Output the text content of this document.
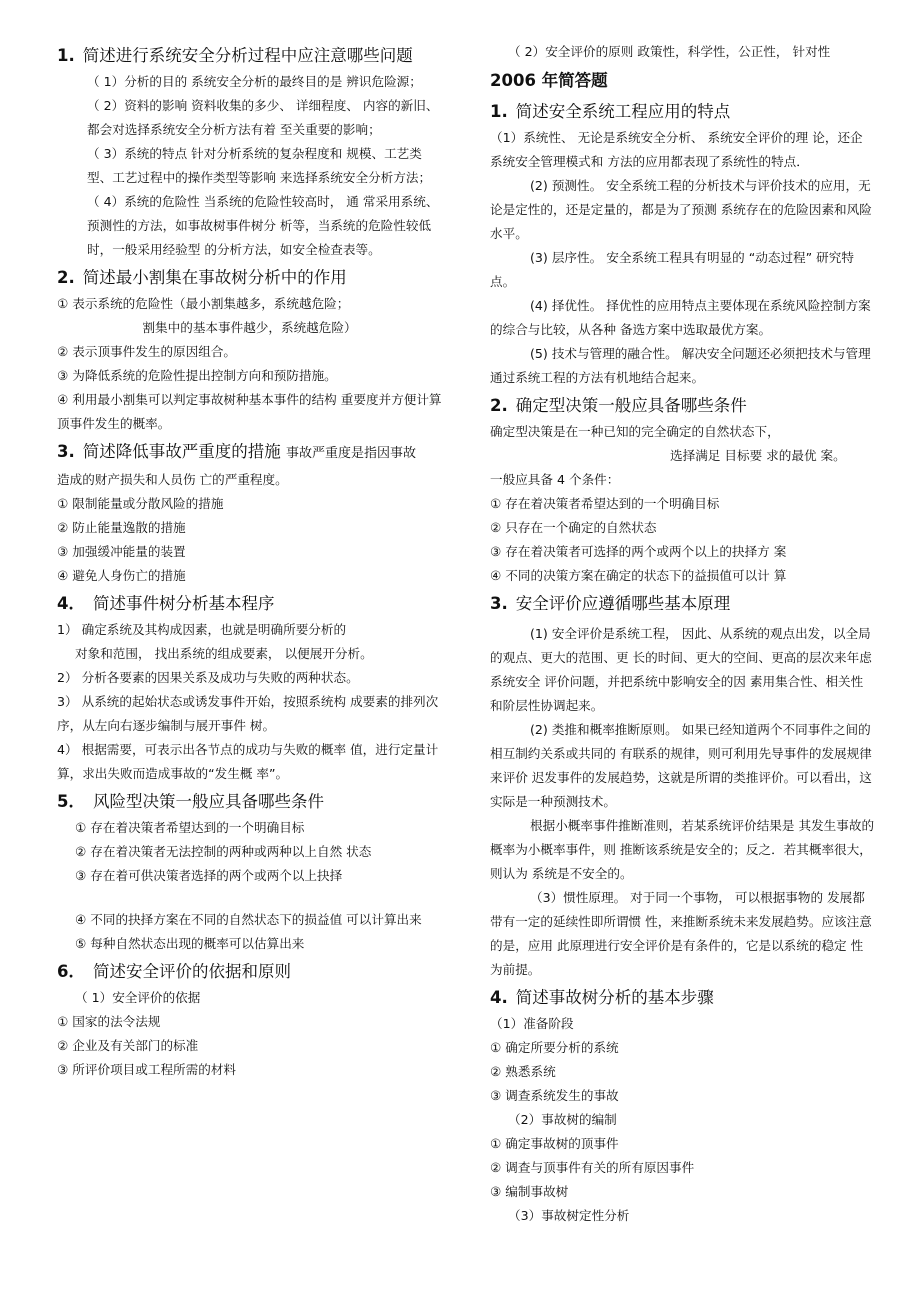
1. 简述进行系统安全分析过程中应注意哪些问题

（ 1）分析的目的 系统安全分析的最终目的是 辨识危险源；

（ 2）资料的影响 资料收集的多少、 详细程度、 内容的新旧、都会对选择系统安全分析方法有着 至关重要的影响；

（ 3）系统的特点 针对分析系统的复杂程度和 规模、工艺类型、工艺过程中的操作类型等影响 来选择系统安全分析方法；

（ 4）系统的危险性 当系统的危险性较高时， 通 常采用系统、预测性的方法，如事故树事件树分 析等，当系统的危险性较低时，一般采用经验型 的分析方法，如安全检查表等。

2. 简述最小割集在事故树分析中的作用

① 表示系统的危险性（最小割集越多，系统越危险；

割集中的基本事件越少，系统越危险）

② 表示顶事件发生的原因组合。

③ 为降低系统的危险性提出控制方向和预防措施。

④ 利用最小割集可以判定事故树种基本事件的结构 重要度并方便计算顶事件发生的概率。

3. 简述降低事故严重度的措施 事故严重度是指因事故

造成的财产损失和人员伤 亡的严重程度。

① 限制能量或分散风险的措施

② 防止能量逸散的措施

③ 加强缓冲能量的装置

④ 避免人身伤亡的措施

4． 简述事件树分析基本程序

1） 确定系统及其构成因素，也就是明确所要分析的

对象和范围， 找出系统的组成要素， 以便展开分析。

2） 分析各要素的因果关系及成功与失败的两种状态。

3） 从系统的起始状态或诱发事件开始，按照系统构 成要素的排列次序，从左向右逐步编制与展开事件 树。

4） 根据需要，可表示出各节点的成功与失败的概率 值，进行定量计算，求出失败而造成事故的“发生概 率”。

5． 风险型决策一般应具备哪些条件

① 存在着决策者希望达到的一个明确目标

② 存在着决策者无法控制的两种或两种以上自然 状态

③ 存在着可供决策者选择的两个或两个以上抉择

④ 不同的抉择方案在不同的自然状态下的损益值 可以计算出来

⑤ 每种自然状态出现的概率可以估算出来

6． 简述安全评价的依据和原则

（ 1）安全评价的依据

① 国家的法令法规

② 企业及有关部门的标准

③ 所评价项目或工程所需的材料

（ 2）安全评价的原则 政策性，科学性，公正性， 针对性

2006 年简答题
1. 简述安全系统工程应用的特点

（1）系统性、 无论是系统安全分析、 系统安全评价的理 论，还企系统安全管理模式和 方法的应用都表现了系统性的特点．

(2) 预测性。 安全系统工程的分析技术与评价技术的应用，无论是定性的，还是定量的，都是为了预测 系统存在的危险因素和风险水平。

(3) 层序性。 安全系统工程具有明显的 “动态过程” 研究特点。

(4) 择优性。 择优性的应用特点主要体现在系统风险控制方案的综合与比较，从各种 备选方案中选取最优方案。

(5) 技术与管理的融合性。 解决安全问题还必须把技术与管理通过系统工程的方法有机地结合起来。

2. 确定型决策一般应具备哪些条件

确定型决策是在一种已知的完全确定的自然状态下，

选择满足 目标要 求的最优 案。

一般应具备 4 个条件：

① 存在着决策者希望达到的一个明确目标

② 只存在一个确定的自然状态

③ 存在着决策者可选择的两个或两个以上的抉择方 案

④ 不同的决策方案在确定的状态下的益损值可以计 算

3. 安全评价应遵循哪些基本原理

(1) 安全评价是系统工程， 因此、从系统的观点出发，以全局的观点、更大的范围、更 长的时间、更大的空间、更高的层次来年虑系统安全 评价问题，并把系统中影响安全的因 素用集合性、相关性和阶层性协调起来。

(2) 类推和概率推断原则。 如果已经知道两个不同事件之间的相互制约关系或共同的 有联系的规律，则可利用先导事件的发展规律来评价 迟发事件的发展趋势，这就是所谓的类推评价。可以看出，这实际是一种预测技术。

根据小概率事件推断准则，若某系统评价结果是 其发生事故的概率为小概率事件，则 推断该系统是安全的；反之．若其概率很大，则认为 系统是不安全的。

（3）惯性原理。 对于同一个事物， 可以根据事物的 发展都带有一定的延续性即所谓惯 性，来推断系统未来发展趋势。应该注意的是，应用 此原理进行安全评价是有条件的，它是以系统的稳定 性为前提。

4. 简述事故树分析的基本步骤

（1）准备阶段

① 确定所要分析的系统

② 熟悉系统

③ 调查系统发生的事故

（2）事故树的编制

① 确定事故树的顶事件

② 调查与顶事件有关的所有原因事件

③ 编制事故树

（3）事故树定性分析
